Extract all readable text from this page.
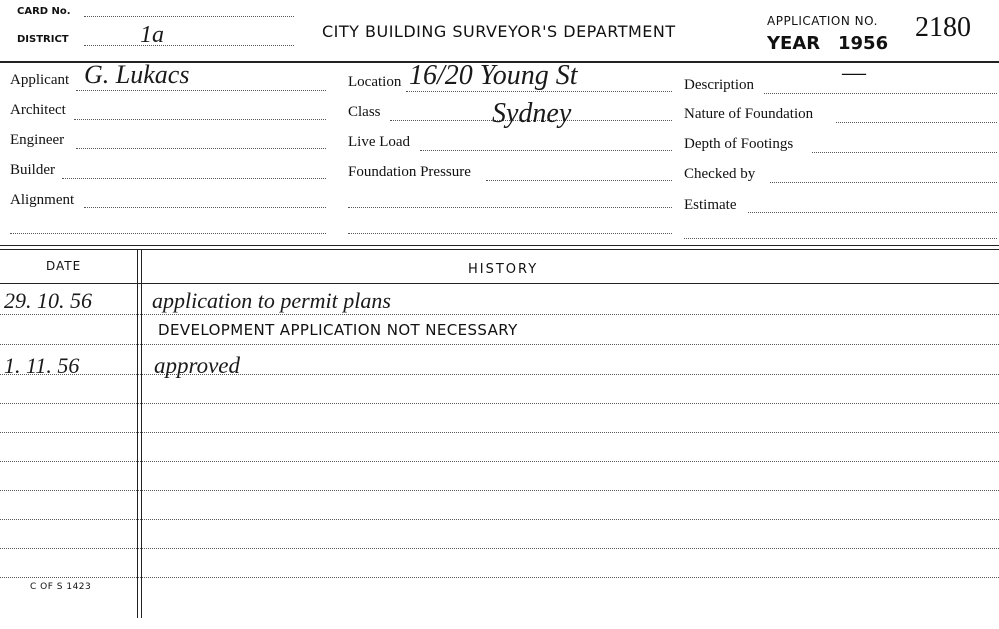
CARD No.
DISTRICT	1a	CITY BUILDING SURVEYOR'S DEPARTMENT
APPLICATION NO. 2180
YEAR 1956
Applicant G. Lukacs
Architect
Engineer
Builder
Alignment
Location 16/20 Young St
Class	Sydney
Live Load
Foundation Pressure
Description	—
Nature of Foundation
Depth of Footings
Checked by
Estimate
DATE	HISTORY
29. 10. 56	application to permit plans
DEVELOPMENT APPLICATION NOT NECESSARY
1. 11. 56	approved
C OF S 1423
